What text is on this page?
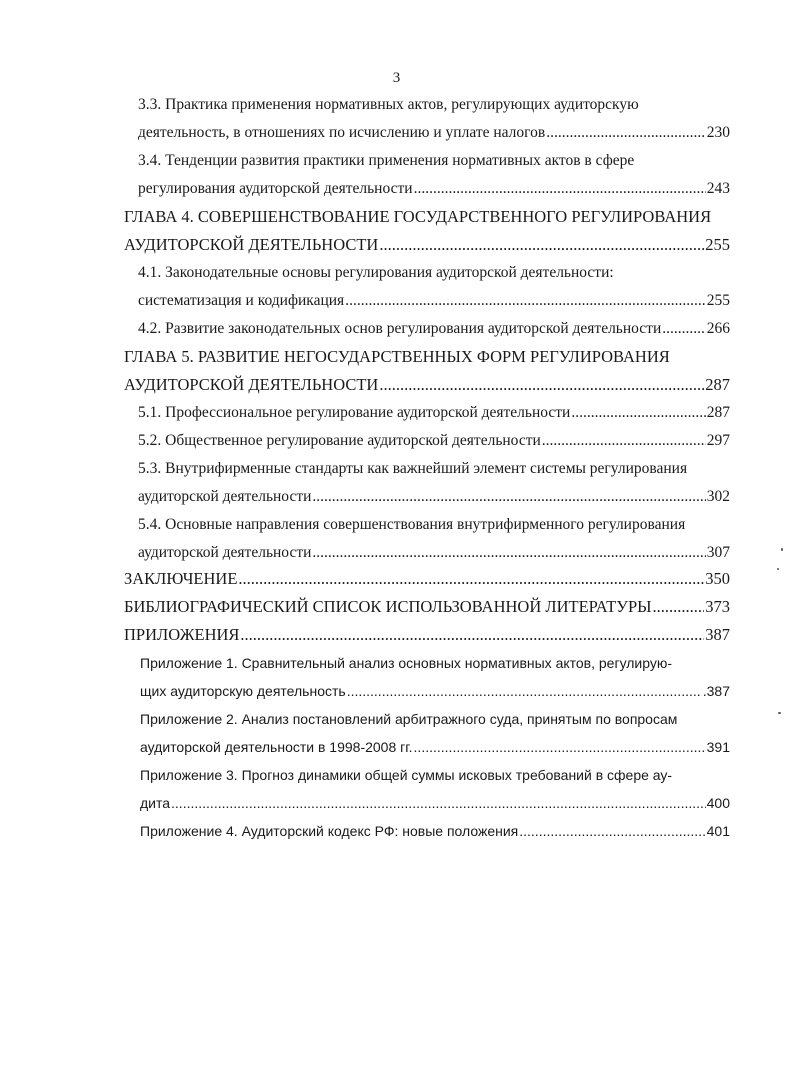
3
3.3. Практика применения нормативных актов, регулирующих аудиторскую
деятельность, в отношениях по исчислению и уплате налогов .....	230
3.4. Тенденции развития практики применения нормативных актов в сфере
регулирования аудиторской деятельности .....	243
ГЛАВА 4. СОВЕРШЕНСТВОВАНИЕ ГОСУДАРСТВЕННОГО РЕГУЛИРОВАНИЯ
АУДИТОРСКОЙ ДЕЯТЕЛЬНОСТИ .....	255
4.1. Законодательные основы регулирования аудиторской деятельности:
систематизация и кодификация .....	255
4.2. Развитие законодательных основ регулирования аудиторской деятельности .....	266
ГЛАВА 5. РАЗВИТИЕ НЕГОСУДАРСТВЕННЫХ ФОРМ РЕГУЛИРОВАНИЯ
АУДИТОРСКОЙ ДЕЯТЕЛЬНОСТИ .....	287
5.1. Профессиональное регулирование аудиторской деятельности .....	287
5.2. Общественное регулирование аудиторской деятельности .....	297
5.3. Внутрифирменные стандарты как важнейший элемент системы регулирования
аудиторской деятельности .....	302
5.4. Основные направления совершенствования внутрифирменного регулирования
аудиторской деятельности .....	307
ЗАКЛЮЧЕНИЕ .....	350
БИБЛИОГРАФИЧЕСКИЙ СПИСОК ИСПОЛЬЗОВАННОЙ ЛИТЕРАТУРЫ .....	373
ПРИЛОЖЕНИЯ .....	387
Приложение 1. Сравнительный анализ основных нормативных актов, регулирую-
щих аудиторскую деятельность .....	.387
Приложение 2. Анализ постановлений арбитражного суда, принятым по вопросам
аудиторской деятельности в 1998-2008 гг. .....	391
Приложение 3. Прогноз динамики общей суммы исковых требований в сфере ау-
дита .....	400
Приложение 4. Аудиторский кодекс РФ: новые положения .....	401
